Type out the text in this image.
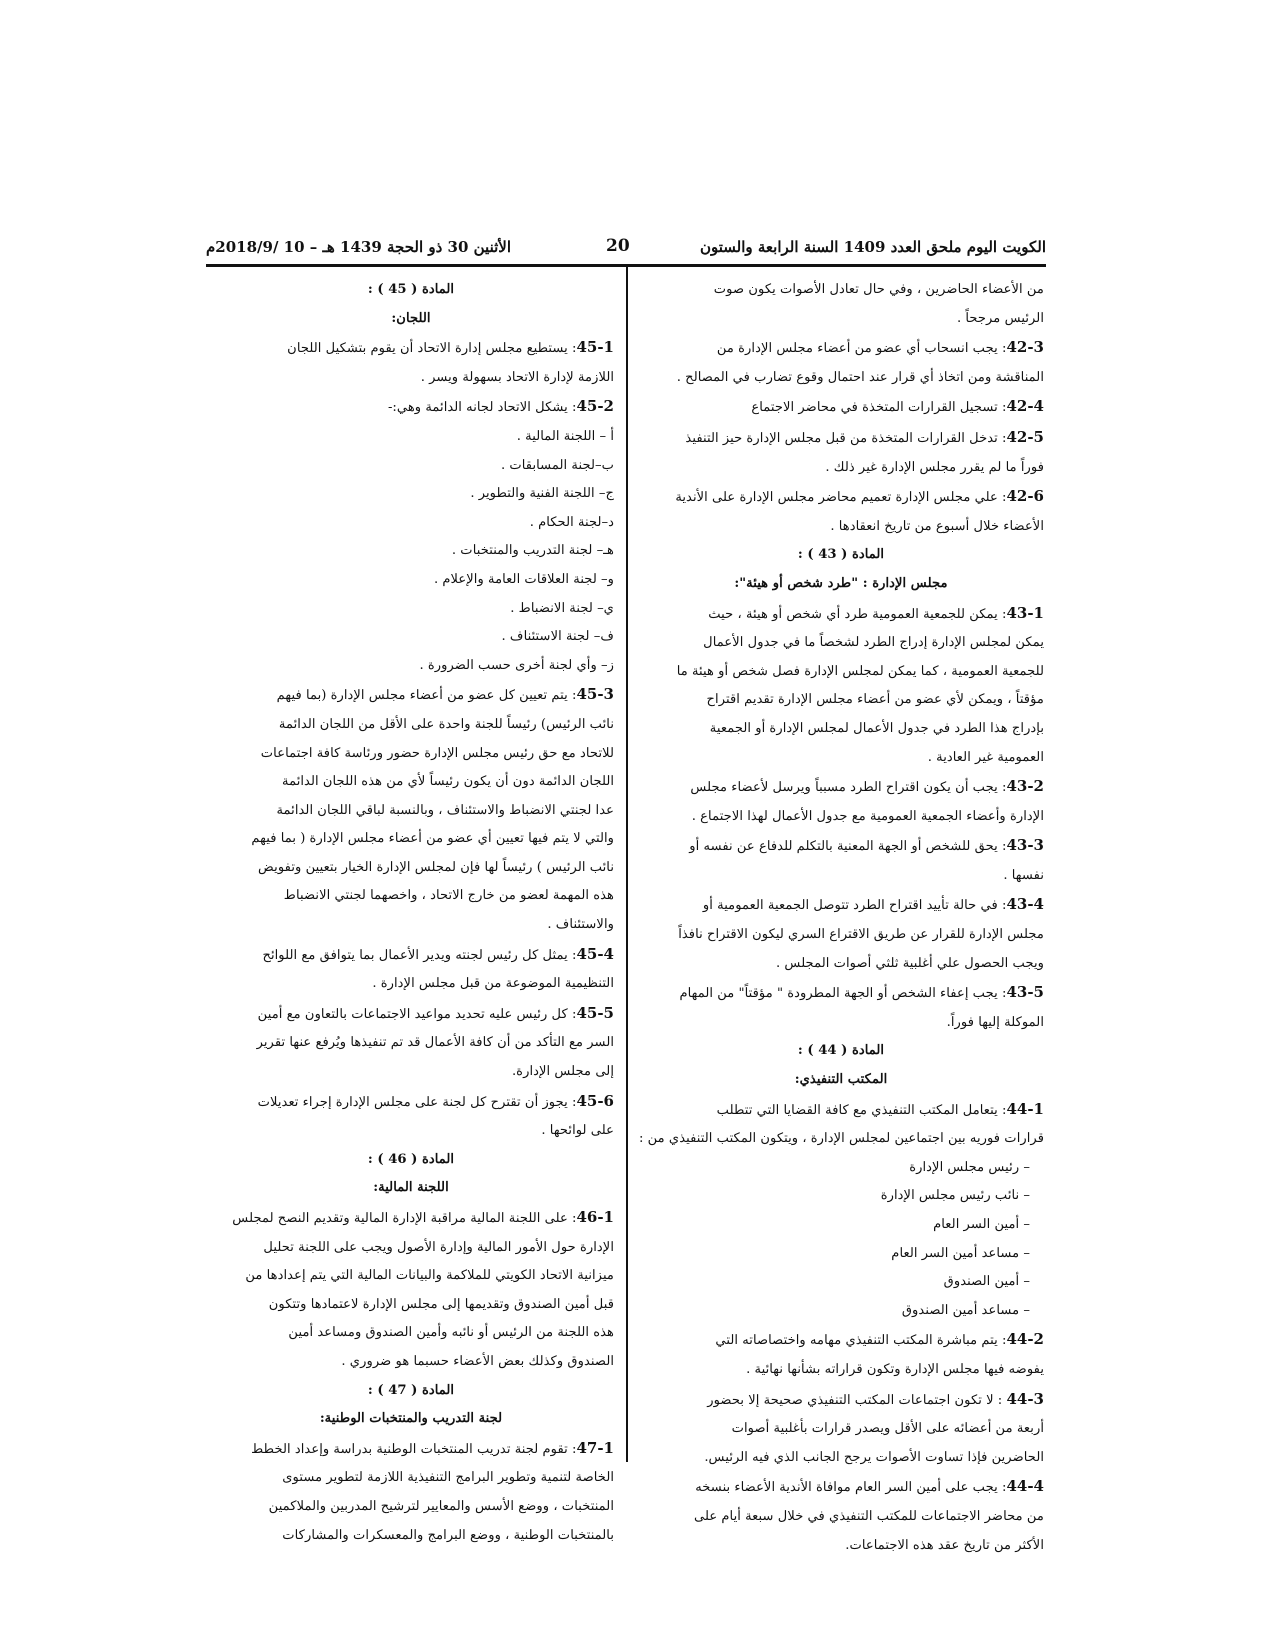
الكويت اليوم ملحق العدد 1409 السنة الرابعة والستون
20
الأثنين 30 ذو الحجة 1439 هـ – 10 /2018/9م

من الأعضاء الحاضرين ، وفي حال تعادل الأصوات يكون صوت

الرئيس مرجحاً .

42-3: يجب انسحاب أي عضو من أعضاء مجلس الإدارة من

المناقشة ومن اتخاذ أي قرار عند احتمال وقوع تضارب في المصالح .

42-4: تسجيل القرارات المتخذة في محاضر الاجتماع

42-5: تدخل القرارات المتخذة من قبل مجلس الإدارة حيز التنفيذ

فوراً ما لم يقرر مجلس الإدارة غير ذلك .

42-6: علي مجلس الإدارة تعميم محاضر مجلس الإدارة على الأندية

الأعضاء خلال أسبوع من تاريخ انعقادها .

المادة ( 43 ) :

مجلس الإدارة : "طرد شخص أو هيئة":

43-1: يمكن للجمعية العمومية طرد أي شخص أو هيئة ، حيث

يمكن لمجلس الإدارة إدراج الطرد لشخصاً ما في جدول الأعمال

للجمعية العمومية ، كما يمكن لمجلس الإدارة فصل شخص أو هيئة ما

مؤقتاً ، ويمكن لأي عضو من أعضاء مجلس الإدارة تقديم اقتراح

بإدراج هذا الطرد في جدول الأعمال لمجلس الإدارة أو الجمعية

العمومية غير العادية .

43-2: يجب أن يكون اقتراح الطرد مسبباً ويرسل لأعضاء مجلس

الإدارة وأعضاء الجمعية العمومية مع جدول الأعمال لهذا الاجتماع .

43-3: يحق للشخص أو الجهة المعنية بالتكلم للدفاع عن نفسه أو

نفسها .

43-4: في حالة تأييد اقتراح الطرد تتوصل الجمعية العمومية أو

مجلس الإدارة للقرار عن طريق الاقتراع السري ليكون الاقتراح نافذاً

ويجب الحصول علي أغلبية ثلثي أصوات المجلس .

43-5: يجب إعفاء الشخص أو الجهة المطرودة " مؤقتاً" من المهام

الموكلة إليها فوراً.

المادة ( 44 ) :

المكتب التنفيذي:

44-1: يتعامل المكتب التنفيذي مع كافة القضايا التي تتطلب

قرارات فوريه بين اجتماعين لمجلس الإدارة ، ويتكون المكتب التنفيذي من :

– رئيس مجلس الإدارة

– نائب رئيس مجلس الإدارة

– أمين السر العام

– مساعد أمين السر العام

– أمين الصندوق

– مساعد أمين الصندوق

44-2: يتم مباشرة المكتب التنفيذي مهامه واختصاصاته التي

يفوضه فيها مجلس الإدارة وتكون قراراته بشأنها نهائية .

44-3 : لا تكون اجتماعات المكتب التنفيذي صحيحة إلا بحضور

أربعة من أعضائه على الأقل ويصدر قرارات بأغلبية أصوات

الحاضرين فإذا تساوت الأصوات يرجح الجانب الذي فيه الرئيس.

44-4: يجب على أمين السر العام موافاة الأندية الأعضاء بنسخه

من محاضر الاجتماعات للمكتب التنفيذي في خلال سبعة أيام على

الأكثر من تاريخ عقد هذه الاجتماعات.

المادة ( 45 ) :

اللجان:

45-1: يستطيع مجلس إدارة الاتحاد أن يقوم بتشكيل اللجان

اللازمة لإدارة الاتحاد بسهولة ويسر .

45-2: يشكل الاتحاد لجانه الدائمة وهي:-

أ – اللجنة المالية .

ب–لجنة المسابقات .

ج– اللجنة الفنية والتطوير .

د–لجنة الحكام .

هـ– لجنة التدريب والمنتخبات .

و– لجنة العلاقات العامة والإعلام .

ي– لجنة الانضباط .

ف– لجنة الاستئناف .

ز– وأي لجنة أخرى حسب الضرورة .

45-3: يتم تعيين كل عضو من أعضاء مجلس الإدارة (بما فيهم

نائب الرئيس) رئيساً للجنة واحدة على الأقل من اللجان الدائمة

للاتحاد مع حق رئيس مجلس الإدارة حضور ورئاسة كافة اجتماعات

اللجان الدائمة دون أن يكون رئيساً لأي من هذه اللجان الدائمة

عدا لجنتي الانضباط والاستئناف ، وبالنسبة لباقي اللجان الدائمة

والتي لا يتم فيها تعيين أي عضو من أعضاء مجلس الإدارة ( بما فيهم

نائب الرئيس ) رئيساً لها فإن لمجلس الإدارة الخيار بتعيين وتفويض

هذه المهمة لعضو من خارج الاتحاد ، واخصهما لجنتي الانضباط

والاستئناف .

45-4: يمثل كل رئيس لجنته ويدير الأعمال بما يتوافق مع اللوائح

التنظيمية الموضوعة من قبل مجلس الإدارة .

45-5: كل رئيس عليه تحديد مواعيد الاجتماعات بالتعاون مع أمين

السر مع التأكد من أن كافة الأعمال قد تم تنفيذها ويُرفع عنها تقرير

إلى مجلس الإدارة.

45-6: يجوز أن تقترح كل لجنة على مجلس الإدارة إجراء تعديلات

على لوائحها .

المادة ( 46 ) :

اللجنة المالية:

46-1: على اللجنة المالية مراقبة الإدارة المالية وتقديم النصح لمجلس

الإدارة حول الأمور المالية وإدارة الأصول ويجب على اللجنة تحليل

ميزانية الاتحاد الكويتي للملاكمة والبيانات المالية التي يتم إعدادها من

قبل أمين الصندوق وتقديمها إلى مجلس الإدارة لاعتمادها وتتكون

هذه اللجنة من الرئيس أو نائبه وأمين الصندوق ومساعد أمين

الصندوق وكذلك بعض الأعضاء حسبما هو ضروري .

المادة ( 47 ) :

لجنة التدريب والمنتخبات الوطنية:

47-1: تقوم لجنة تدريب المنتخبات الوطنية بدراسة وإعداد الخطط

الخاصة لتنمية وتطوير البرامج التنفيذية اللازمة لتطوير مستوى

المنتخبات ، ووضع الأسس والمعايير لترشيح المدربين والملاكمين

بالمنتخبات الوطنية ، ووضع البرامج والمعسكرات والمشاركات
